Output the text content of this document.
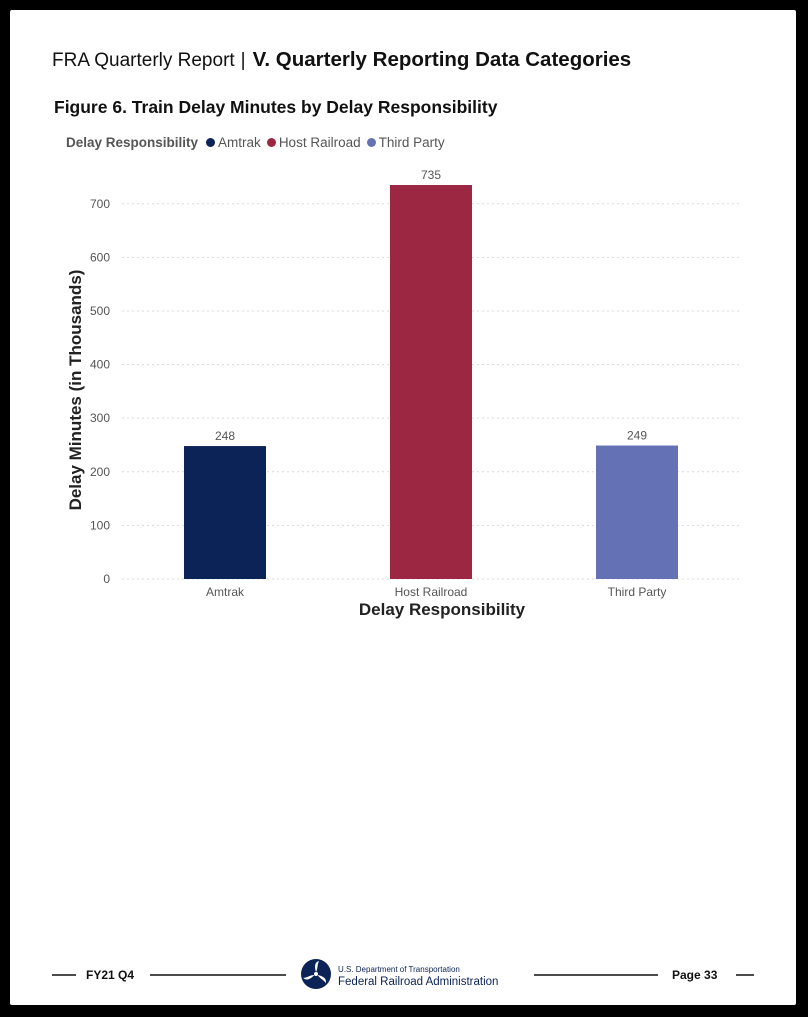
FRA Quarterly Report | V. Quarterly Reporting Data Categories
Figure 6. Train Delay Minutes by Delay Responsibility
Delay Responsibility Amtrak Host Railroad Third Party
0
100
200
300
400
500
600
700
248
Amtrak
735
Host Railroad
249
Third Party
Delay Responsibility
Delay Minutes (in Thousands)
FY21 Q4	U.S. Department of Transportation
Federal Railroad Administration	Page 33
